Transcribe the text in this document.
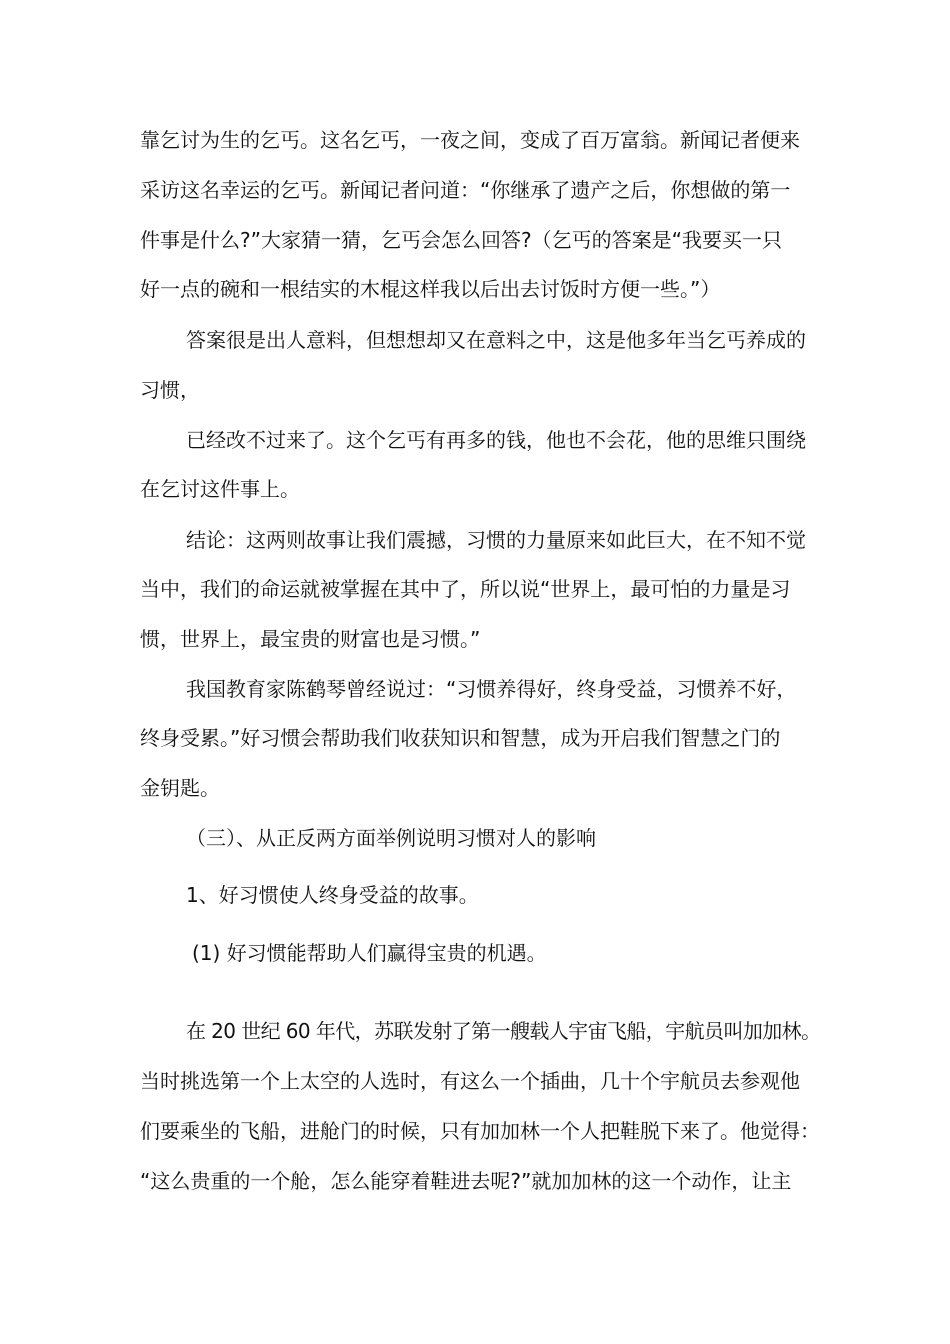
靠乞讨为生的乞丐。这名乞丐，一夜之间，变成了百万富翁。新闻记者便来
采访这名幸运的乞丐。新闻记者问道：“你继承了遗产之后，你想做的第一
件事是什么?”大家猜一猜，乞丐会怎么回答?（乞丐的答案是“我要买一只
好一点的碗和一根结实的木棍这样我以后出去讨饭时方便一些。”）
答案很是出人意料，但想想却又在意料之中，这是他多年当乞丐养成的
习惯，
已经改不过来了。这个乞丐有再多的钱，他也不会花，他的思维只围绕
在乞讨这件事上。
结论：这两则故事让我们震撼，习惯的力量原来如此巨大，在不知不觉
当中，我们的命运就被掌握在其中了，所以说“世界上，最可怕的力量是习
惯，世界上，最宝贵的财富也是习惯。”
我国教育家陈鹤琴曾经说过：“习惯养得好，终身受益，习惯养不好，
终身受累。”好习惯会帮助我们收获知识和智慧，成为开启我们智慧之门的
金钥匙。
（三）、从正反两方面举例说明习惯对人的影响
1、好习惯使人终身受益的故事。
(1) 好习惯能帮助人们赢得宝贵的机遇。
在 20 世纪 60 年代，苏联发射了第一艘载人宇宙飞船，宇航员叫加加林。
当时挑选第一个上太空的人选时，有这么一个插曲，几十个宇航员去参观他
们要乘坐的飞船，进舱门的时候，只有加加林一个人把鞋脱下来了。他觉得：
“这么贵重的一个舱，怎么能穿着鞋进去呢?”就加加林的这一个动作，让主
